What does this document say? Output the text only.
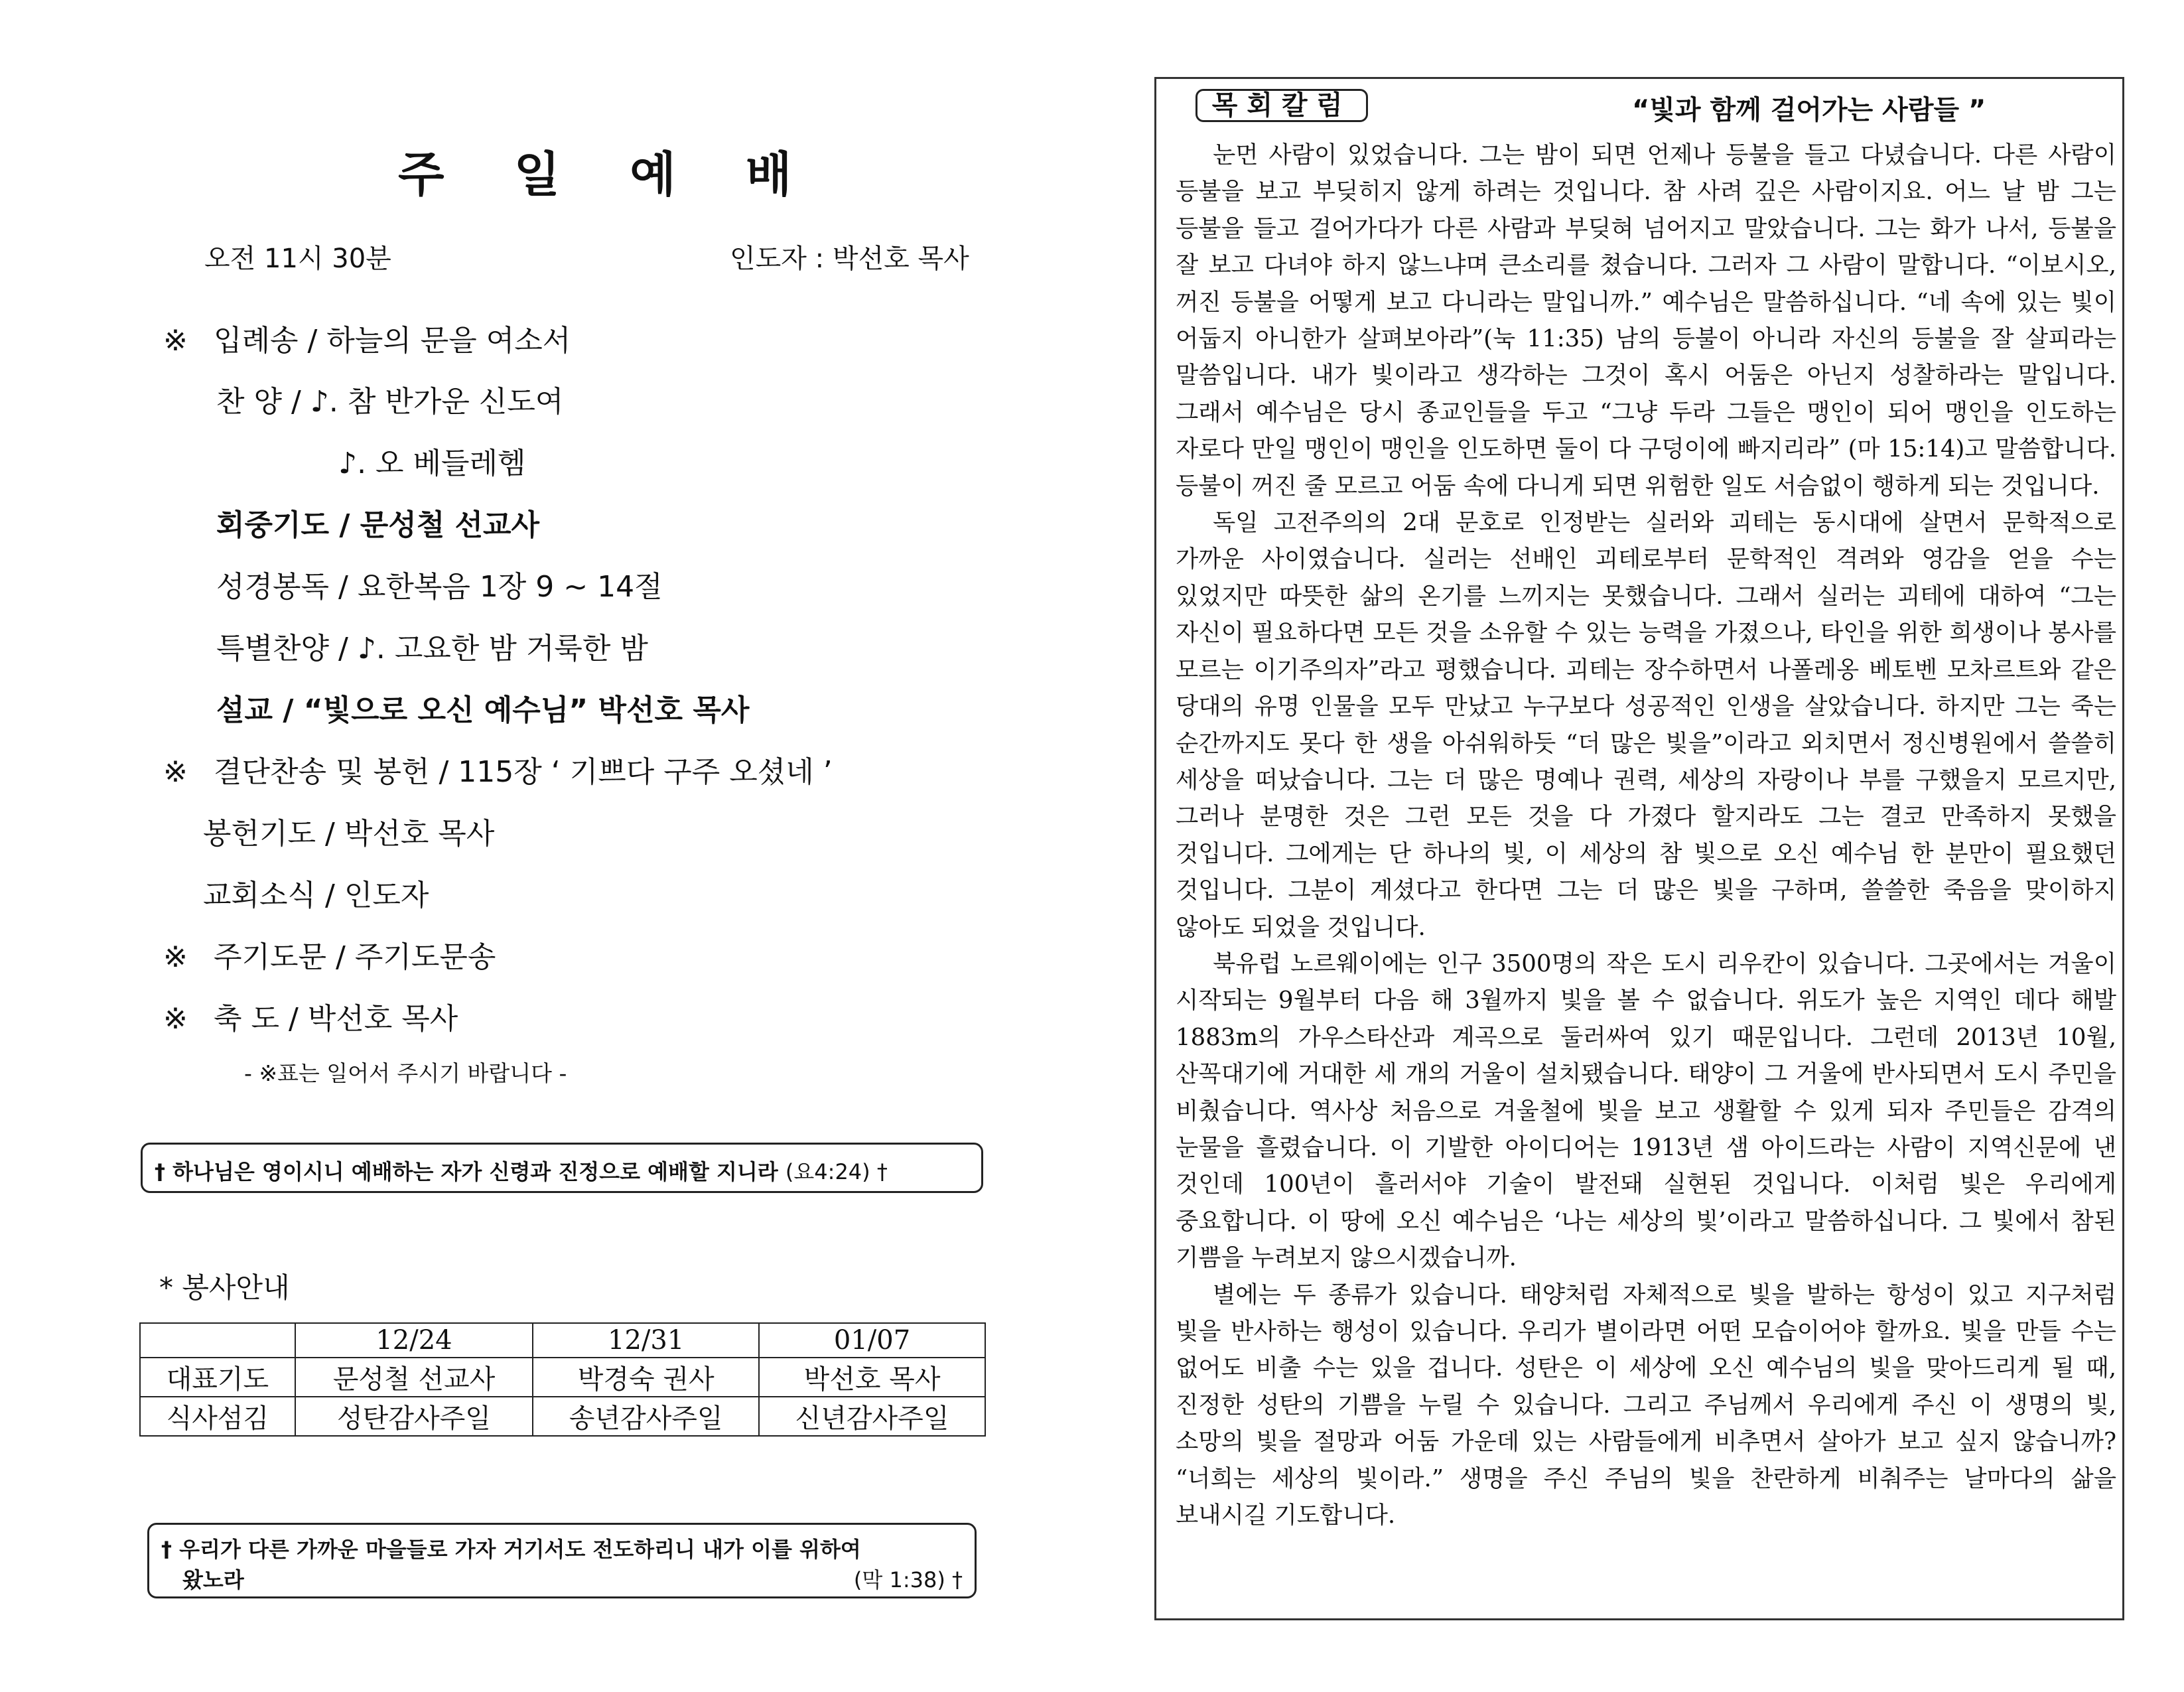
주 일 예 배
오전 11시 30분	인도자 : 박선호 목사
※ 입례송 / 하늘의 문을 여소서
찬 양 / ♪. 참 반가운 신도여
♪. 오 베들레헴
회중기도 / 문성철 선교사
성경봉독 / 요한복음 1장 9 ~ 14절
특별찬양 / ♪. 고요한 밤 거룩한 밤
설교 / “빛으로 오신 예수님” 박선호 목사
※ 결단찬송 및 봉헌 / 115장 ‘ 기쁘다 구주 오셨네 ’
봉헌기도 / 박선호 목사
교회소식 / 인도자
※ 주기도문 / 주기도문송
※ 축 도 / 박선호 목사
- ※표는 일어서 주시기 바랍니다 -
† 하나님은 영이시니 예배하는 자가 신령과 진정으로 예배할 지니라 (요4:24) †
* 봉사안내
	12/24	12/31	01/07
대표기도	문성철 선교사	박경숙 권사	박선호 목사
식사섬김	성탄감사주일	송년감사주일	신년감사주일
† 우리가 다른 가까운 마을들로 가자 거기서도 전도하리니 내가 이를 위하여
왔노라	(막 1:38) †
목회칼럼	“빛과 함께 걸어가는 사람들 ”

눈먼 사람이 있었습니다. 그는 밤이 되면 언제나 등불을 들고 다녔습니다. 다른 사람이 등불을 보고 부딪히지 않게 하려는 것입니다. 참 사려 깊은 사람이지요. 어느 날 밤 그는 등불을 들고 걸어가다가 다른 사람과 부딪혀 넘어지고 말았습니다. 그는 화가 나서, 등불을 잘 보고 다녀야 하지 않느냐며 큰소리를 쳤습니다. 그러자 그 사람이 말합니다. “이보시오, 꺼진 등불을 어떻게 보고 다니라는 말입니까.” 예수님은 말씀하십니다. “네 속에 있는 빛이 어둡지 아니한가 살펴보아라”(눅 11:35) 남의 등불이 아니라 자신의 등불을 잘 살피라는 말씀입니다. 내가 빛이라고 생각하는 그것이 혹시 어둠은 아닌지 성찰하라는 말입니다. 그래서 예수님은 당시 종교인들을 두고 “그냥 두라 그들은 맹인이 되어 맹인을 인도하는 자로다 만일 맹인이 맹인을 인도하면 둘이 다 구덩이에 빠지리라” (마 15:14)고 말씀합니다. 등불이 꺼진 줄 모르고 어둠 속에 다니게 되면 위험한 일도 서슴없이 행하게 되는 것입니다.

독일 고전주의의 2대 문호로 인정받는 실러와 괴테는 동시대에 살면서 문학적으로 가까운 사이였습니다. 실러는 선배인 괴테로부터 문학적인 격려와 영감을 얻을 수는 있었지만 따뜻한 삶의 온기를 느끼지는 못했습니다. 그래서 실러는 괴테에 대하여 “그는 자신이 필요하다면 모든 것을 소유할 수 있는 능력을 가졌으나, 타인을 위한 희생이나 봉사를 모르는 이기주의자”라고 평했습니다. 괴테는 장수하면서 나폴레옹 베토벤 모차르트와 같은 당대의 유명 인물을 모두 만났고 누구보다 성공적인 인생을 살았습니다. 하지만 그는 죽는 순간까지도 못다 한 생을 아쉬워하듯 “더 많은 빛을”이라고 외치면서 정신병원에서 쓸쓸히 세상을 떠났습니다. 그는 더 많은 명예나 권력, 세상의 자랑이나 부를 구했을지 모르지만, 그러나 분명한 것은 그런 모든 것을 다 가졌다 할지라도 그는 결코 만족하지 못했을 것입니다. 그에게는 단 하나의 빛, 이 세상의 참 빛으로 오신 예수님 한 분만이 필요했던 것입니다. 그분이 계셨다고 한다면 그는 더 많은 빛을 구하며, 쓸쓸한 죽음을 맞이하지 않아도 되었을 것입니다.

북유럽 노르웨이에는 인구 3500명의 작은 도시 리우칸이 있습니다. 그곳에서는 겨울이 시작되는 9월부터 다음 해 3월까지 빛을 볼 수 없습니다. 위도가 높은 지역인 데다 해발 1883m의 가우스타산과 계곡으로 둘러싸여 있기 때문입니다. 그런데 2013년 10월, 산꼭대기에 거대한 세 개의 거울이 설치됐습니다. 태양이 그 거울에 반사되면서 도시 주민을 비췄습니다. 역사상 처음으로 겨울철에 빛을 보고 생활할 수 있게 되자 주민들은 감격의 눈물을 흘렸습니다. 이 기발한 아이디어는 1913년 샘 아이드라는 사람이 지역신문에 낸 것인데 100년이 흘러서야 기술이 발전돼 실현된 것입니다. 이처럼 빛은 우리에게 중요합니다. 이 땅에 오신 예수님은 ‘나는 세상의 빛’이라고 말씀하십니다. 그 빛에서 참된 기쁨을 누려보지 않으시겠습니까.

별에는 두 종류가 있습니다. 태양처럼 자체적으로 빛을 발하는 항성이 있고 지구처럼 빛을 반사하는 행성이 있습니다. 우리가 별이라면 어떤 모습이어야 할까요. 빛을 만들 수는 없어도 비출 수는 있을 겁니다. 성탄은 이 세상에 오신 예수님의 빛을 맞아드리게 될 때, 진정한 성탄의 기쁨을 누릴 수 있습니다. 그리고 주님께서 우리에게 주신 이 생명의 빛, 소망의 빛을 절망과 어둠 가운데 있는 사람들에게 비추면서 살아가 보고 싶지 않습니까? “너희는 세상의 빛이라.” 생명을 주신 주님의 빛을 찬란하게 비춰주는 날마다의 삶을 보내시길 기도합니다.
